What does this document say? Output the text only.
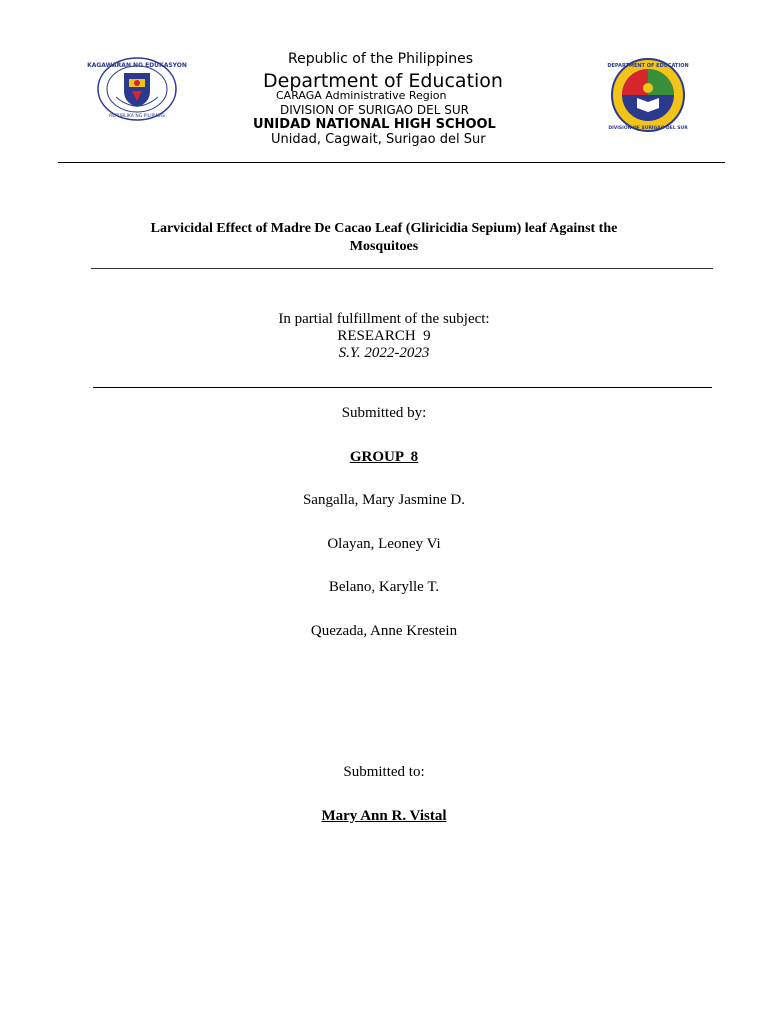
KAGAWARAN NG EDUKASYON
REPUBLIKA NG PILIPINAS
DEPARTMENT OF EDUCATION
DIVISION OF SURIGAO DEL SUR
Republic of the Philippines
Department of Education
CARAGA Administrative Region
DIVISION OF SURIGAO DEL SUR
UNIDAD NATIONAL HIGH SCHOOL
Unidad, Cagwait, Surigao del Sur
Larvicidal Effect of Madre De Cacao Leaf (Gliricidia Sepium) leaf Against the
Mosquitoes
In partial fulfillment of the subject:
RESEARCH  9
S.Y. 2022-2023
Submitted by:
GROUP  8
Sangalla, Mary Jasmine D.
Olayan, Leoney Vi
Belano, Karylle T.
Quezada, Anne Krestein
Submitted to:
Mary Ann R. Vistal
